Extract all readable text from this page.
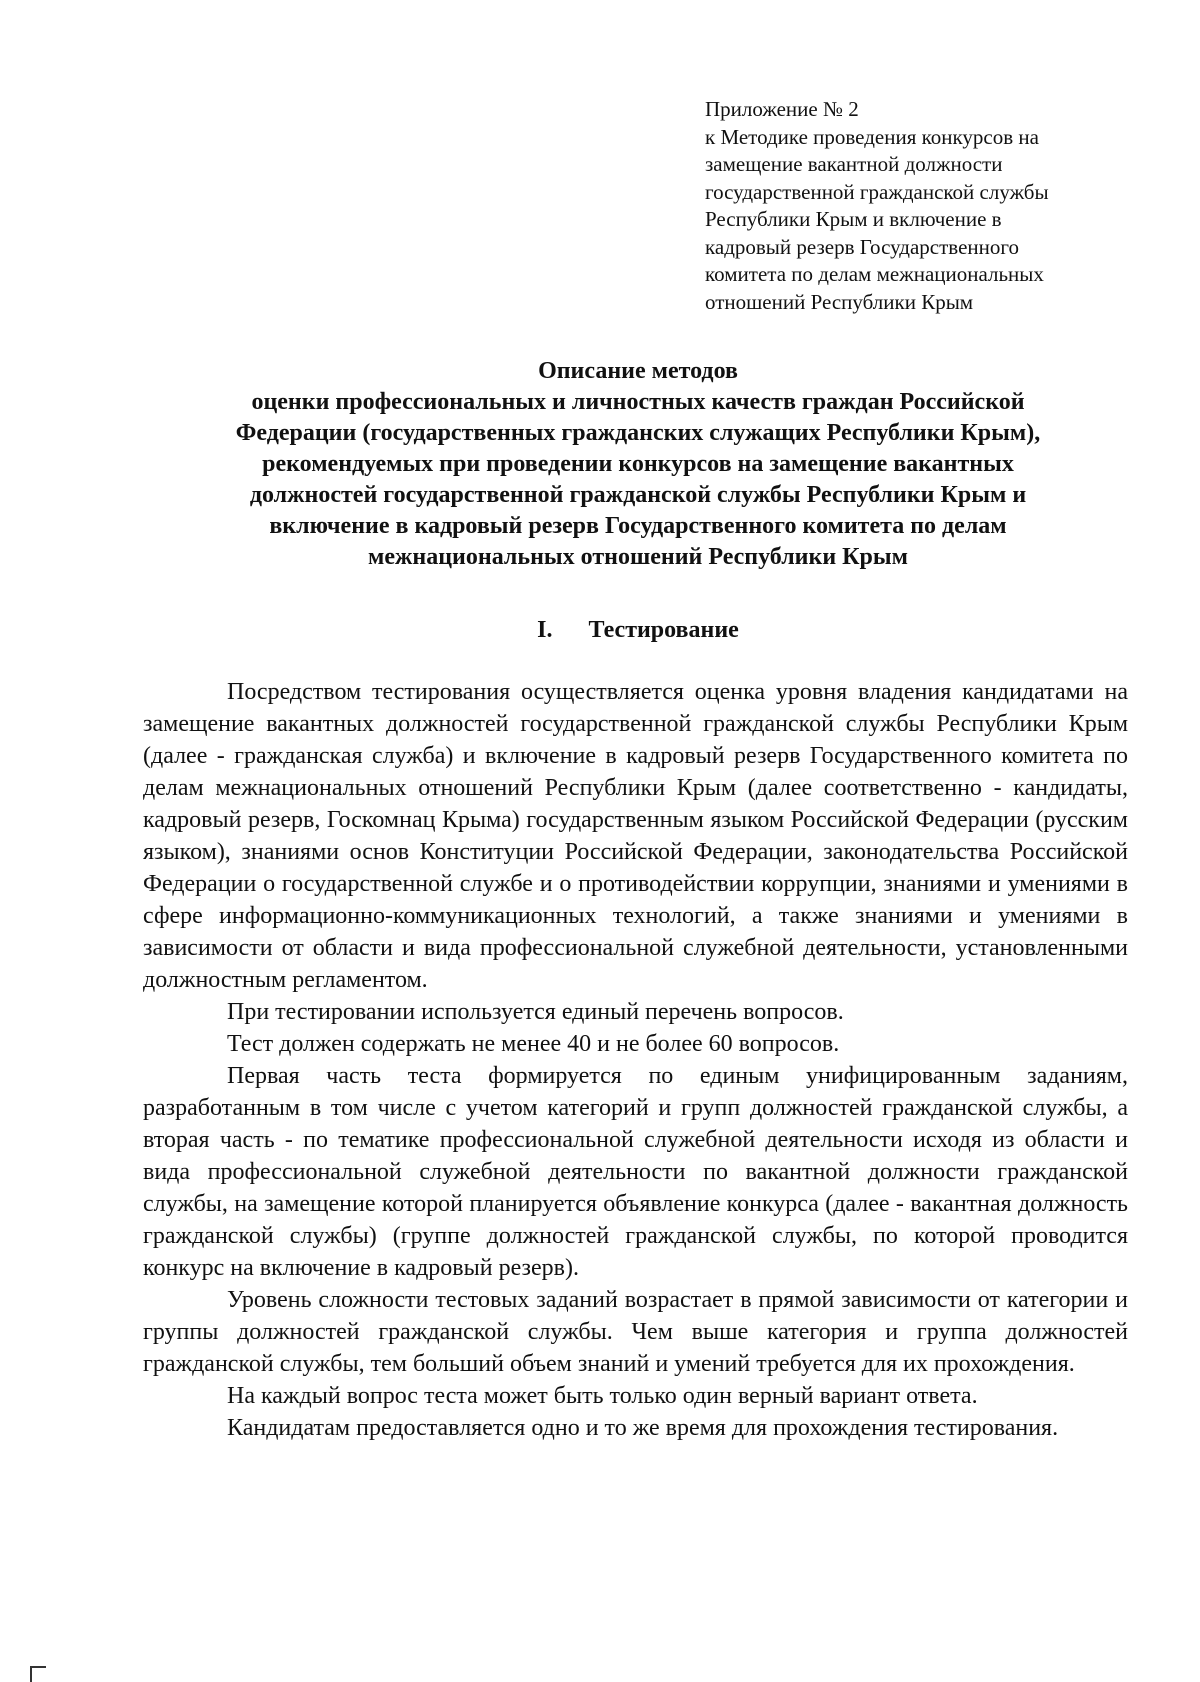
Приложение № 2
к Методике проведения конкурсов на
замещение вакантной должности
государственной гражданской службы
Республики Крым и включение в
кадровый резерв Государственного
комитета по делам межнациональных
отношений Республики Крым
Описание методов
оценки профессиональных и личностных качеств граждан Российской
Федерации (государственных гражданских служащих Республики Крым),
рекомендуемых при проведении конкурсов на замещение вакантных
должностей государственной гражданской службы Республики Крым и
включение в кадровый резерв Государственного комитета по делам
межнациональных отношений Республики Крым
I. Тестирование

Посредством тестирования осуществляется оценка уровня владения кандидатами на замещение вакантных должностей государственной гражданской службы Республики Крым (далее - гражданская служба) и включение в кадровый резерв Государственного комитета по делам межнациональных отношений Республики Крым (далее соответственно - кандидаты, кадровый резерв, Госкомнац Крыма) государственным языком Российской Федерации (русским языком), знаниями основ Конституции Российской Федерации, законодательства Российской Федерации о государственной службе и о противодействии коррупции, знаниями и умениями в сфере информационно-коммуникационных технологий, а также знаниями и умениями в зависимости от области и вида профессиональной служебной деятельности, установленными должностным регламентом.

При тестировании используется единый перечень вопросов.

Тест должен содержать не менее 40 и не более 60 вопросов.

Первая часть теста формируется по единым унифицированным заданиям, разработанным в том числе с учетом категорий и групп должностей гражданской службы, а вторая часть - по тематике профессиональной служебной деятельности исходя из области и вида профессиональной служебной деятельности по вакантной должности гражданской службы, на замещение которой планируется объявление конкурса (далее - вакантная должность гражданской службы) (группе должностей гражданской службы, по которой проводится конкурс на включение в кадровый резерв).

Уровень сложности тестовых заданий возрастает в прямой зависимости от категории и группы должностей гражданской службы. Чем выше категория и группа должностей гражданской службы, тем больший объем знаний и умений требуется для их прохождения.

На каждый вопрос теста может быть только один верный вариант ответа.

Кандидатам предоставляется одно и то же время для прохождения тестирования.
